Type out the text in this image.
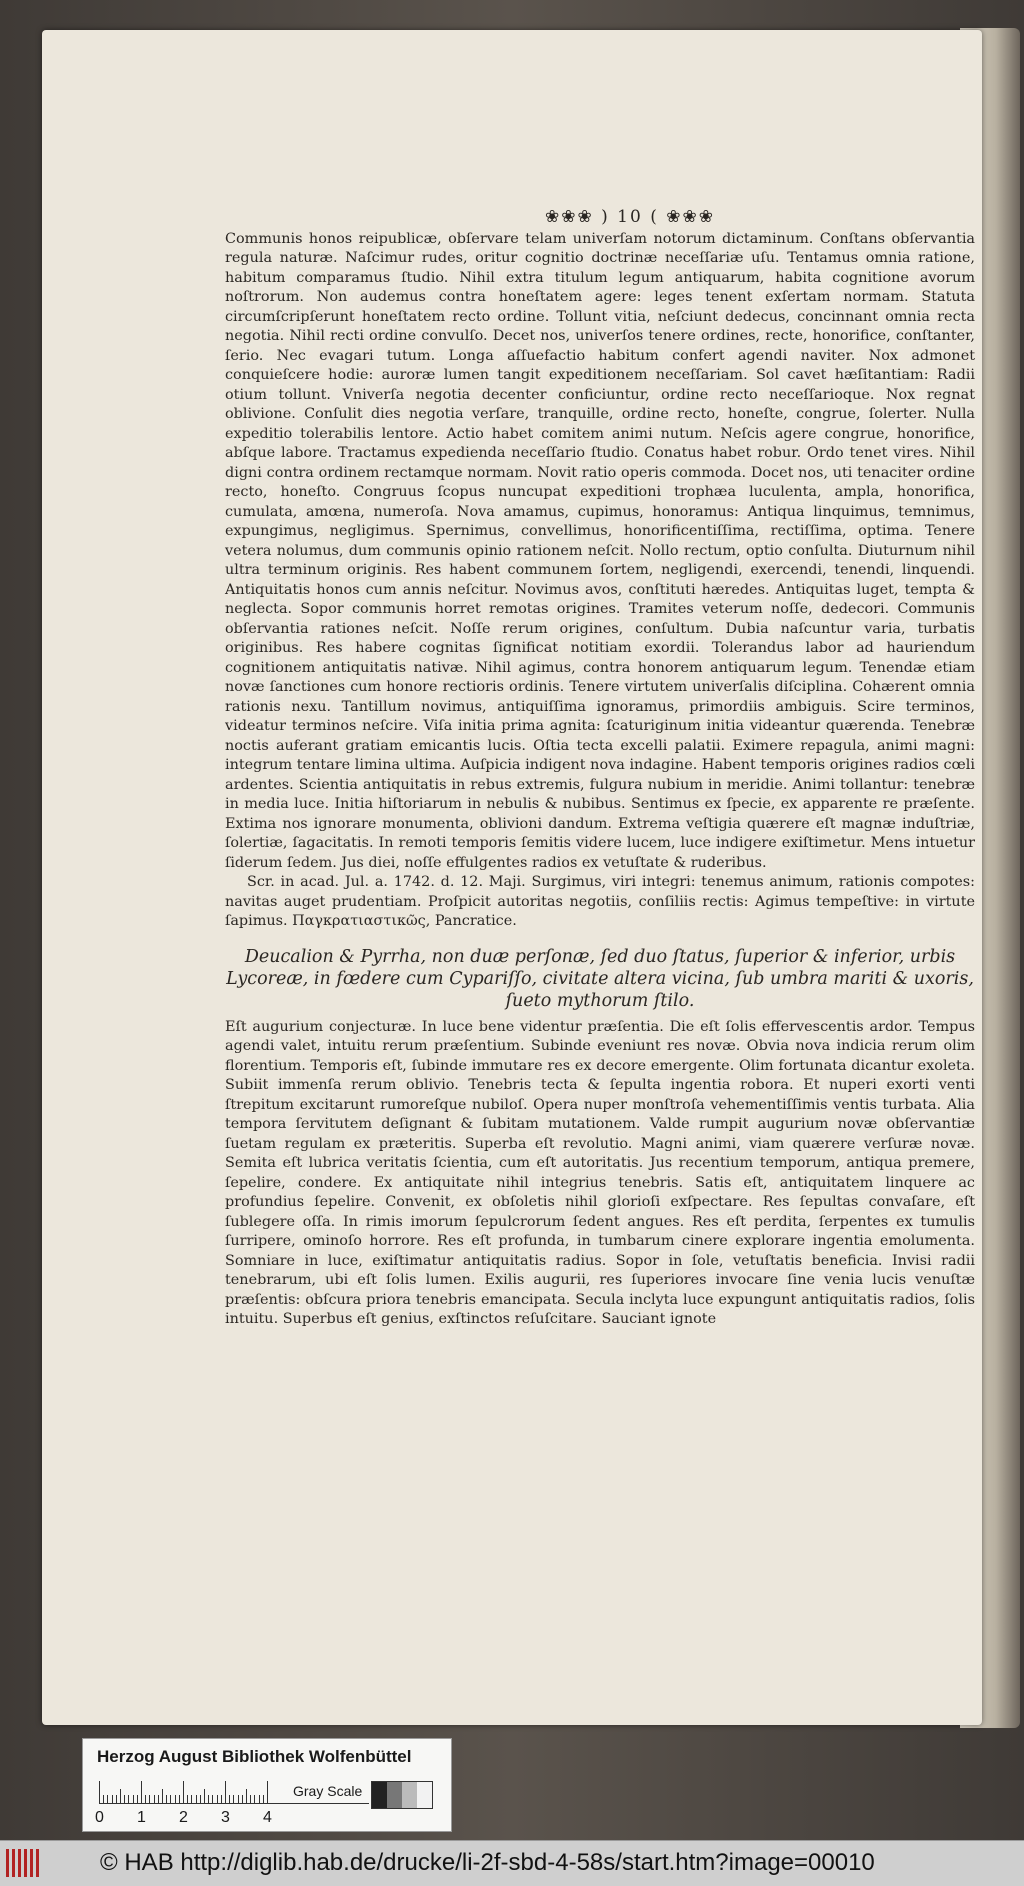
❀❀❀ ) 10 ( ❀❀❀

Communis honos reipublicæ, obſervare telam univerſam notorum dictaminum. Conſtans obſervantia regula naturæ. Naſcimur rudes, oritur cognitio doctrinæ neceſſariæ uſu. Tentamus omnia ratione, habitum comparamus ſtudio. Nihil extra titulum legum antiquarum, habita cognitione avorum noſtrorum. Non audemus contra honeſtatem agere: leges tenent exſertam normam. Statuta circumſcripſerunt honeſtatem recto ordine. Tollunt vitia, neſciunt dedecus, concinnant omnia recta negotia. Nihil recti ordine convulſo. Decet nos, univerſos tenere ordines, recte, honorifice, conſtanter, ſerio. Nec evagari tutum. Longa aſſuefactio habitum confert agendi naviter. Nox admonet conquieſcere hodie: auroræ lumen tangit expeditionem neceſſariam. Sol cavet hæſitantiam: Radii otium tollunt. Vniverſa negotia decenter conficiuntur, ordine recto neceſſarioque. Nox regnat oblivione. Conſulit dies negotia verſare, tranquille, ordine recto, honeſte, congrue, ſolerter. Nulla expeditio tolerabilis lentore. Actio habet comitem animi nutum. Neſcis agere congrue, honorifice, abſque labore. Tractamus expedienda neceſſario ſtudio. Conatus habet robur. Ordo tenet vires. Nihil digni contra ordinem rectamque normam. Novit ratio operis commoda. Docet nos, uti tenaciter ordine recto, honeſto. Congruus ſcopus nuncupat expeditioni trophæa luculenta, ampla, honorifica, cumulata, amœna, numeroſa. Nova amamus, cupimus, honoramus: Antiqua linquimus, temnimus, expungimus, negligimus. Spernimus, convellimus, honorificentiſſima, rectiſſima, optima. Tenere vetera nolumus, dum communis opinio rationem neſcit. Nollo rectum, optio conſulta. Diuturnum nihil ultra terminum originis. Res habent communem ſortem, negligendi, exercendi, tenendi, linquendi. Antiquitatis honos cum annis neſcitur. Novimus avos, conſtituti hæredes. Antiquitas luget, tempta & neglecta. Sopor communis horret remotas origines. Tramites veterum noſſe, dedecori. Communis obſervantia rationes neſcit. Noſſe rerum origines, conſultum. Dubia naſcuntur varia, turbatis originibus. Res habere cognitas ſignificat notitiam exordii. Tolerandus labor ad hauriendum cognitionem antiquitatis nativæ. Nihil agimus, contra honorem antiquarum legum. Tenendæ etiam novæ ſanctiones cum honore rectioris ordinis. Tenere virtutem univerſalis diſciplina. Cohærent omnia rationis nexu. Tantillum novimus, antiquiſſima ignoramus, primordiis ambiguis. Scire terminos, videatur terminos neſcire. Viſa initia prima agnita: ſcaturiginum initia videantur quærenda. Tenebræ noctis auferant gratiam emicantis lucis. Oſtia tecta excelli palatii. Eximere repagula, animi magni: integrum tentare limina ultima. Auſpicia indigent nova indagine. Habent temporis origines radios cœli ardentes. Scientia antiquitatis in rebus extremis, fulgura nubium in meridie. Animi tollantur: tenebræ in media luce. Initia hiſtoriarum in nebulis & nubibus. Sentimus ex ſpecie, ex apparente re præſente. Extima nos ignorare monumenta, oblivioni dandum. Extrema veſtigia quærere eſt magnæ induſtriæ, ſolertiæ, ſagacitatis. In remoti temporis ſemitis videre lucem, luce indigere exiſtimetur. Mens intuetur ſiderum ſedem. Jus diei, noſſe effulgentes radios ex vetuſtate & ruderibus.

Scr. in acad. Jul. a. 1742. d. 12. Maji. Surgimus, viri integri: tenemus animum, rationis compotes: navitas auget prudentiam. Proſpicit autoritas negotiis, conſiliis rectis: Agimus tempeſtive: in virtute ſapimus. Παγκρατιαστικῶς, Pancratice.

Deucalion & Pyrrha, non duæ perſonæ, ſed duo ſtatus, ſuperior & inferior, urbis Lycoreæ, in fœdere cum Cypariſſo, civitate altera vicina, ſub umbra mariti & uxoris, ſueto mythorum ſtilo.

Eſt augurium conjecturæ. In luce bene videntur præſentia. Die eſt ſolis effervescentis ardor. Tempus agendi valet, intuitu rerum præſentium. Subinde eveniunt res novæ. Obvia nova indicia rerum olim florentium. Temporis eſt, ſubinde immutare res ex decore emergente. Olim fortunata dicantur exoleta. Subiit immenſa rerum oblivio. Tenebris tecta & ſepulta ingentia robora. Et nuperi exorti venti ſtrepitum excitarunt rumoreſque nubiloſ. Opera nuper monſtroſa vehementiſſimis ventis turbata. Alia tempora ſervitutem deſignant & ſubitam mutationem. Valde rumpit augurium novæ obſervantiæ ſuetam regulam ex præteritis. Superba eſt revolutio. Magni animi, viam quærere verſuræ novæ. Semita eſt lubrica veritatis ſcientia, cum eſt autoritatis. Jus recentium temporum, antiqua premere, ſepelire, condere. Ex antiquitate nihil integrius tenebris. Satis eſt, antiquitatem linquere ac profundius ſepelire. Convenit, ex obſoletis nihil glorioſi exſpectare. Res ſepultas convaſare, eſt ſublegere oſſa. In rimis imorum ſepulcrorum ſedent angues. Res eſt perdita, ſerpentes ex tumulis ſurripere, ominoſo horrore. Res eſt profunda, in tumbarum cinere explorare ingentia emolumenta. Somniare in luce, exiſtimatur antiquitatis radius. Sopor in ſole, vetuſtatis beneficia. Invisi radii tenebrarum, ubi eſt ſolis lumen. Exilis augurii, res ſuperiores invocare ſine venia lucis venuſtæ præſentis: obſcura priora tenebris emancipata. Secula inclyta luce expungunt antiquitatis radios, ſolis intuitu. Superbus eſt genius, exſtinctos reſuſcitare. Sauciant ignote

Herzog August Bibliothek Wolfenbüttel
0 1 2 3 4
Gray Scale
© HAB http://diglib.hab.de/drucke/li-2f-sbd-4-58s/start.htm?image=00010
